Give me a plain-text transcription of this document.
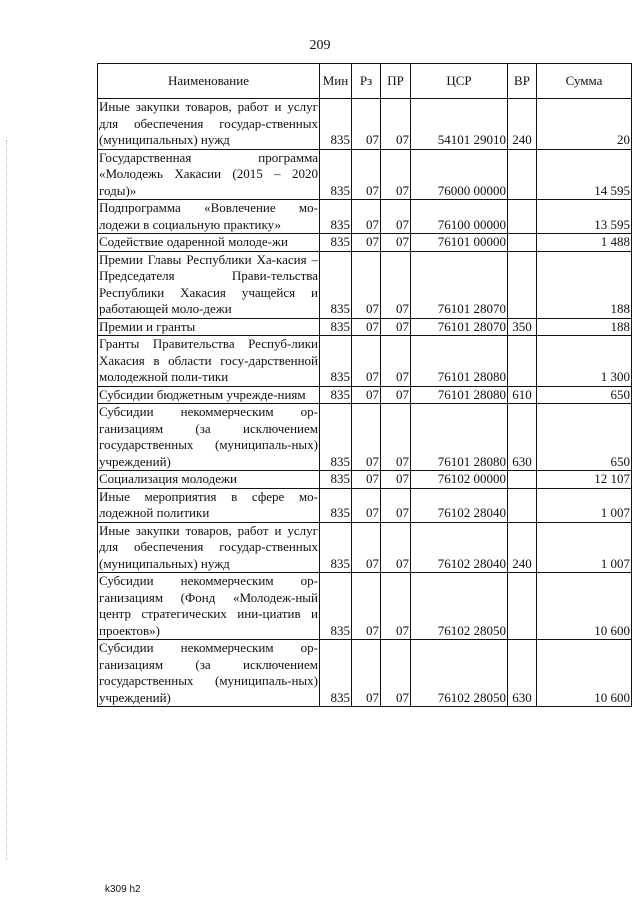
209
Наименование	Мин	Рз	ПР	ЦСР	ВР	Сумма
Иные закупки товаров, работ и услуг для обеспечения государ-ственных (муниципальных) нужд	835	07	07	54101 29010	240	20
Государственная программа «Молодежь Хакасии (2015 – 2020 годы)»	835	07	07	76000 00000		14 595
Подпрограмма «Вовлечение мо-лодежи в социальную практику»	835	07	07	76100 00000		13 595
Содействие одаренной молоде-жи	835	07	07	76101 00000		1 488
Премии Главы Республики Ха-касия – Председателя Прави-тельства Республики Хакасия учащейся и работающей моло-дежи	835	07	07	76101 28070		188
Премии и гранты	835	07	07	76101 28070	350	188
Гранты Правительства Респуб-лики Хакасия в области госу-дарственной молодежной поли-тики	835	07	07	76101 28080		1 300
Субсидии бюджетным учрежде-ниям	835	07	07	76101 28080	610	650
Субсидии некоммерческим ор-ганизациям (за исключением государственных (муниципаль-ных) учреждений)	835	07	07	76101 28080	630	650
Социализация молодежи	835	07	07	76102 00000		12 107
Иные мероприятия в сфере мо-лодежной политики	835	07	07	76102 28040		1 007
Иные закупки товаров, работ и услуг для обеспечения государ-ственных (муниципальных) нужд	835	07	07	76102 28040	240	1 007
Субсидии некоммерческим ор-ганизациям (Фонд «Молодеж-ный центр стратегических ини-циатив и проектов»)	835	07	07	76102 28050		10 600
Субсидии некоммерческим ор-ганизациям (за исключением государственных (муниципаль-ных) учреждений)	835	07	07	76102 28050	630	10 600
k309 h2
